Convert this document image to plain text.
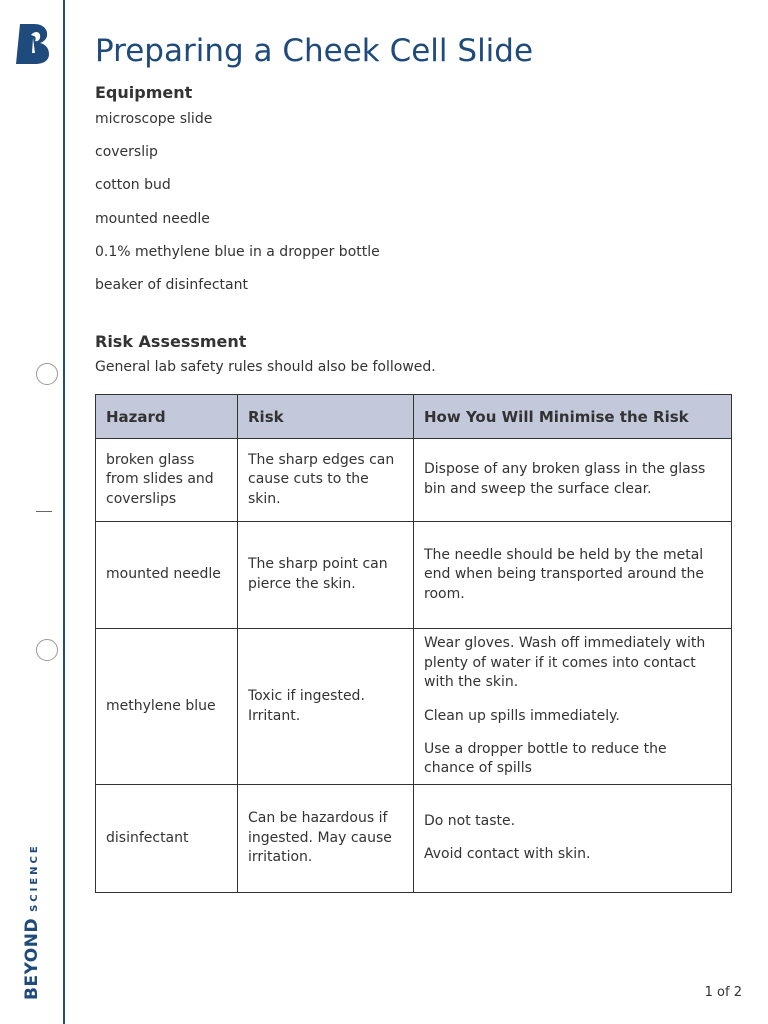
BEYONDSCIENCE
Preparing a Cheek Cell Slide
Equipment
microscope slide
coverslip
cotton bud
mounted needle
0.1% methylene blue in a dropper bottle
beaker of disinfectant
Risk Assessment

General lab safety rules should also be followed.

Hazard	Risk	How You Will Minimise the Risk
broken glass from slides and coverslips	The sharp edges can cause cuts to the skin.	Dispose of any broken glass in the glass bin and sweep the surface clear.

mounted needle	The sharp point can pierce the skin.	The needle should be held by the metal end when being transported around the room.

methylene blue	Toxic if ingested. Irritant.	Wear gloves. Wash off immediately with plenty of water if it comes into contact with the skin.

Clean up spills immediately.

Use a dropper bottle to reduce the chance of spills

disinfectant	Can be hazardous if ingested. May cause irritation.	Do not taste.

Avoid contact with skin.

1 of 2
